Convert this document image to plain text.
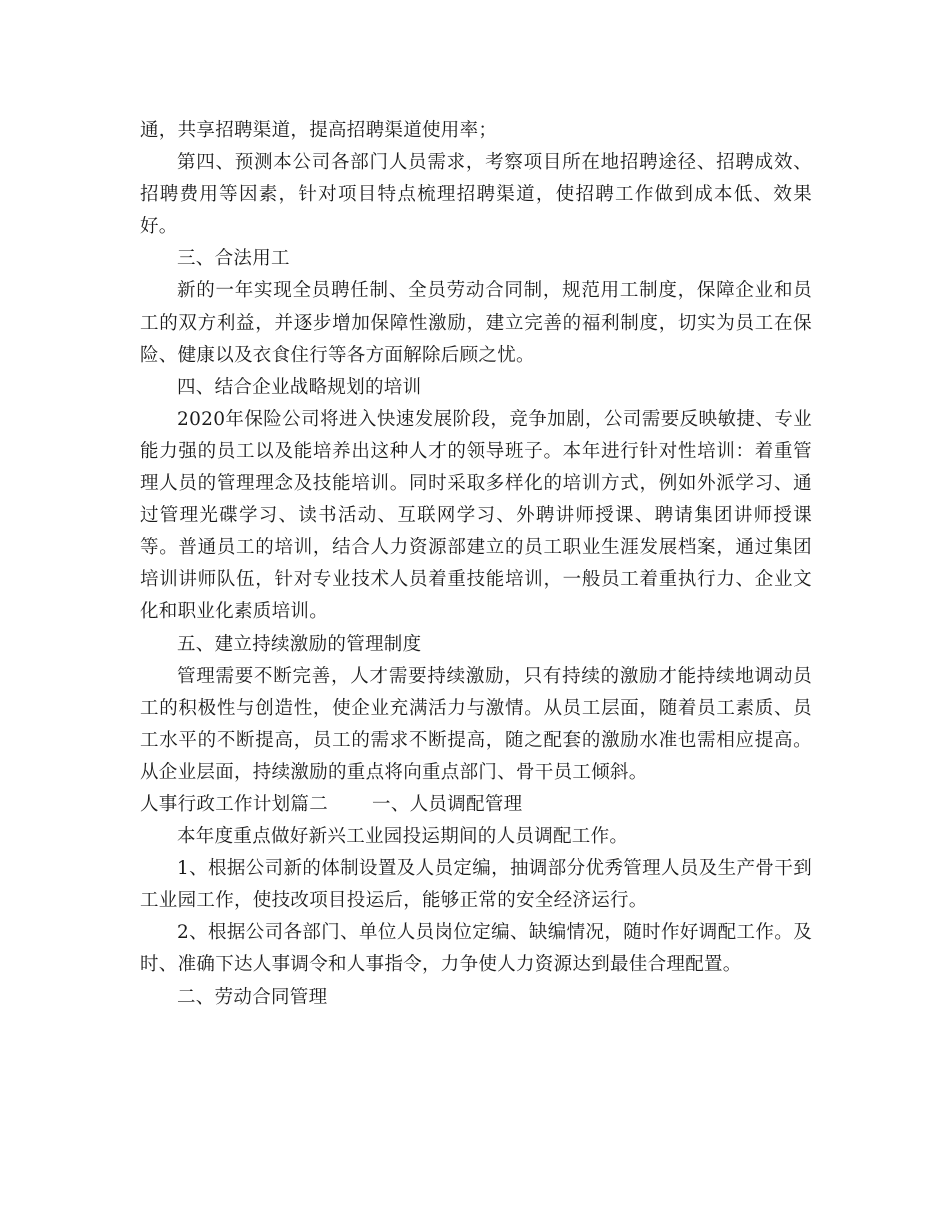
通，共享招聘渠道，提高招聘渠道使用率；

第四、预测本公司各部门人员需求，考察项目所在地招聘途径、招聘成效、招聘费用等因素，针对项目特点梳理招聘渠道，使招聘工作做到成本低、效果好。

三、合法用工

新的一年实现全员聘任制、全员劳动合同制，规范用工制度，保障企业和员工的双方利益，并逐步增加保障性激励，建立完善的福利制度，切实为员工在保险、健康以及衣食住行等各方面解除后顾之忧。

四、结合企业战略规划的培训

2020年保险公司将进入快速发展阶段，竞争加剧，公司需要反映敏捷、专业能力强的员工以及能培养出这种人才的领导班子。本年进行针对性培训：着重管理人员的管理理念及技能培训。同时采取多样化的培训方式，例如外派学习、通过管理光碟学习、读书活动、互联网学习、外聘讲师授课、聘请集团讲师授课等。普通员工的培训，结合人力资源部建立的员工职业生涯发展档案，通过集团培训讲师队伍，针对专业技术人员着重技能培训，一般员工着重执行力、企业文化和职业化素质培训。

五、建立持续激励的管理制度

管理需要不断完善，人才需要持续激励，只有持续的激励才能持续地调动员工的积极性与创造性，使企业充满活力与激情。从员工层面，随着员工素质、员工水平的不断提高，员工的需求不断提高，随之配套的激励水准也需相应提高。从企业层面，持续激励的重点将向重点部门、骨干员工倾斜。

人事行政工作计划篇二 一、人员调配管理

本年度重点做好新兴工业园投运期间的人员调配工作。

1、根据公司新的体制设置及人员定编，抽调部分优秀管理人员及生产骨干到工业园工作，使技改项目投运后，能够正常的安全经济运行。

2、根据公司各部门、单位人员岗位定编、缺编情况，随时作好调配工作。及时、准确下达人事调令和人事指令，力争使人力资源达到最佳合理配置。

二、劳动合同管理
